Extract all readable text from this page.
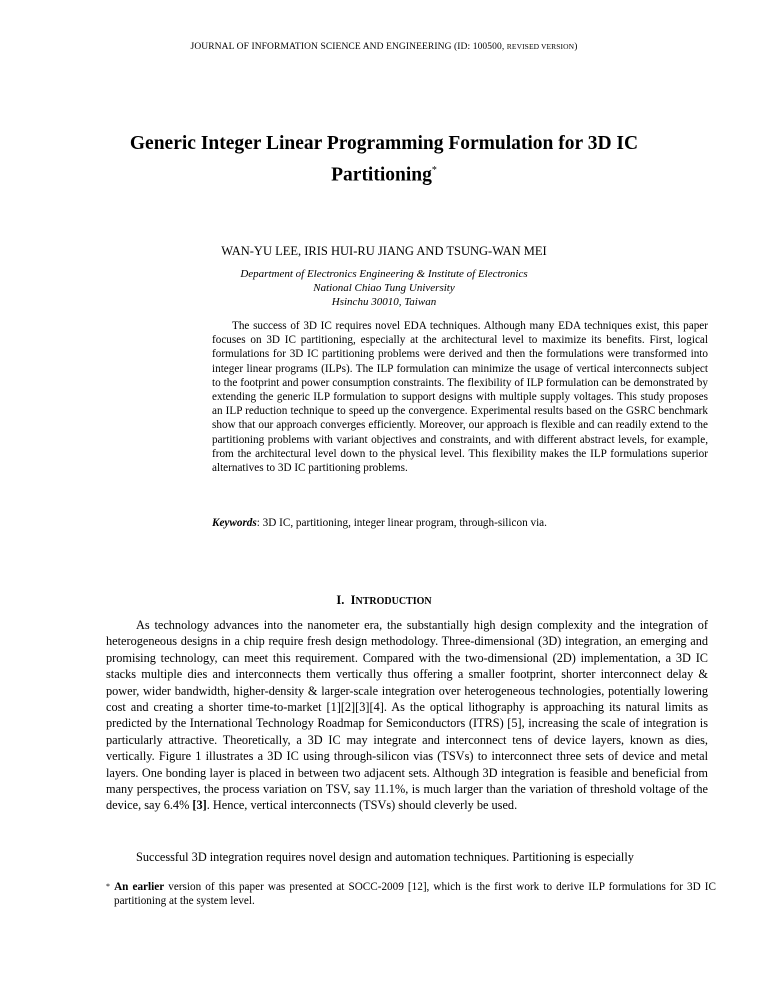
JOURNAL OF INFORMATION SCIENCE AND ENGINEERING (ID: 100500, REVISED VERSION)
Generic Integer Linear Programming Formulation for 3D IC Partitioning*
WAN-YU LEE, IRIS HUI-RU JIANG AND TSUNG-WAN MEI
Department of Electronics Engineering & Institute of Electronics
National Chiao Tung University
Hsinchu 30010, Taiwan
The success of 3D IC requires novel EDA techniques. Although many EDA techniques exist, this paper focuses on 3D IC partitioning, especially at the architectural level to maximize its benefits. First, logical formulations for 3D IC partitioning problems were derived and then the formulations were transformed into integer linear programs (ILPs). The ILP formulation can minimize the usage of vertical interconnects subject to the footprint and power consumption constraints. The flexibility of ILP formulation can be demonstrated by extending the generic ILP formulation to support designs with multiple supply voltages. This study proposes an ILP reduction technique to speed up the convergence. Experimental results based on the GSRC benchmark show that our approach converges efficiently. Moreover, our approach is flexible and can readily extend to the partitioning problems with variant objectives and constraints, and with different abstract levels, for example, from the architectural level down to the physical level. This flexibility makes the ILP formulations superior alternatives to 3D IC partitioning problems.
Keywords: 3D IC, partitioning, integer linear program, through-silicon via.
I. INTRODUCTION
As technology advances into the nanometer era, the substantially high design complexity and the integration of heterogeneous designs in a chip require fresh design methodology. Three-dimensional (3D) integration, an emerging and promising technology, can meet this requirement. Compared with the two-dimensional (2D) implementation, a 3D IC stacks multiple dies and interconnects them vertically thus offering a smaller footprint, shorter interconnect delay & power, wider bandwidth, higher-density & larger-scale integration over heterogeneous technologies, potentially lowering cost and creating a shorter time-to-market [1][2][3][4]. As the optical lithography is approaching its natural limits as predicted by the International Technology Roadmap for Semiconductors (ITRS) [5], increasing the scale of integration is particularly attractive. Theoretically, a 3D IC may integrate and interconnect tens of device layers, known as dies, vertically. Figure 1 illustrates a 3D IC using through-silicon vias (TSVs) to interconnect three sets of device and metal layers. One bonding layer is placed in between two adjacent sets. Although 3D integration is feasible and beneficial from many perspectives, the process variation on TSV, say 11.1%, is much larger than the variation of threshold voltage of the device, say 6.4% [3]. Hence, vertical interconnects (TSVs) should cleverly be used.
Successful 3D integration requires novel design and automation techniques. Partitioning is especially
* An earlier version of this paper was presented at SOCC-2009 [12], which is the first work to derive ILP formulations for 3D IC partitioning at the system level.
